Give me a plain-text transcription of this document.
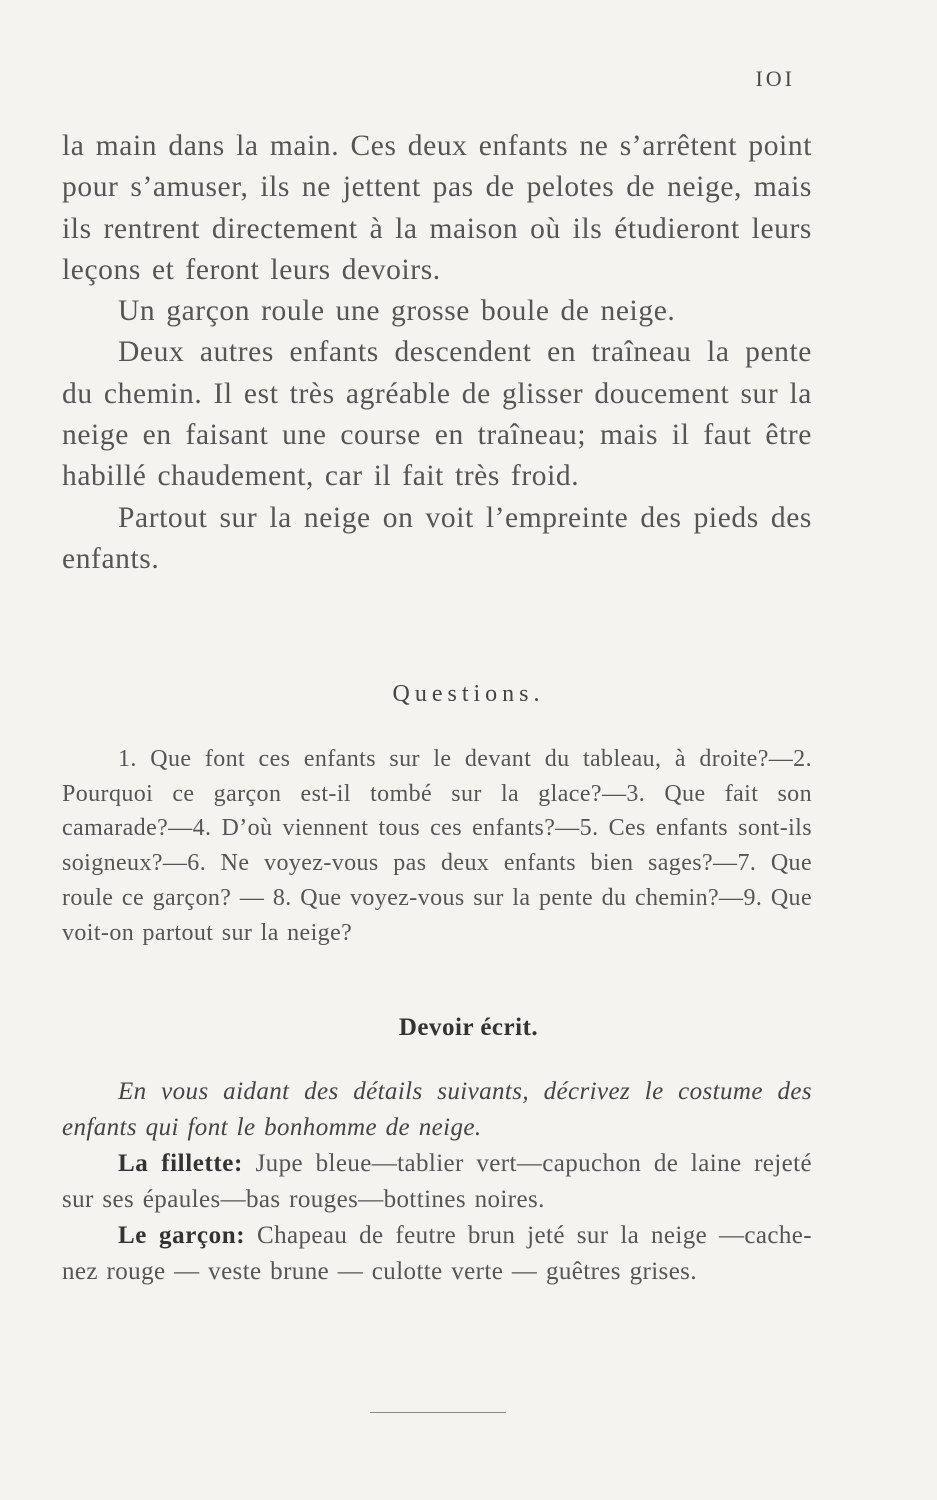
IOI

la main dans la main. Ces deux enfants ne s’arrêtent point pour s’amuser, ils ne jettent pas de pelotes de neige, mais ils rentrent directement à la maison où ils étudieront leurs leçons et feront leurs devoirs.

Un garçon roule une grosse boule de neige.

Deux autres enfants descendent en traîneau la pente du chemin. Il est très agréable de glisser doucement sur la neige en faisant une course en traîneau; mais il faut être habillé chaudement, car il fait très froid.

Partout sur la neige on voit l’empreinte des pieds des enfants.

Questions.
1. Que font ces enfants sur le devant du tableau, à droite?—2. Pourquoi ce garçon est-il tombé sur la glace?—3. Que fait son camarade?—4. D’où viennent tous ces enfants?—5. Ces enfants sont-ils soigneux?—6. Ne voyez-vous pas deux enfants bien sages?—7. Que roule ce garçon? — 8. Que voyez-vous sur la pente du chemin?—9. Que voit-on partout sur la neige?
Devoir écrit.

En vous aidant des détails suivants, décrivez le costume des enfants qui font le bonhomme de neige.

La fillette: Jupe bleue—tablier vert—capuchon de laine rejeté sur ses épaules—bas rouges—bottines noires.

Le garçon: Chapeau de feutre brun jeté sur la neige —cache-nez rouge — veste brune — culotte verte — guêtres grises.
